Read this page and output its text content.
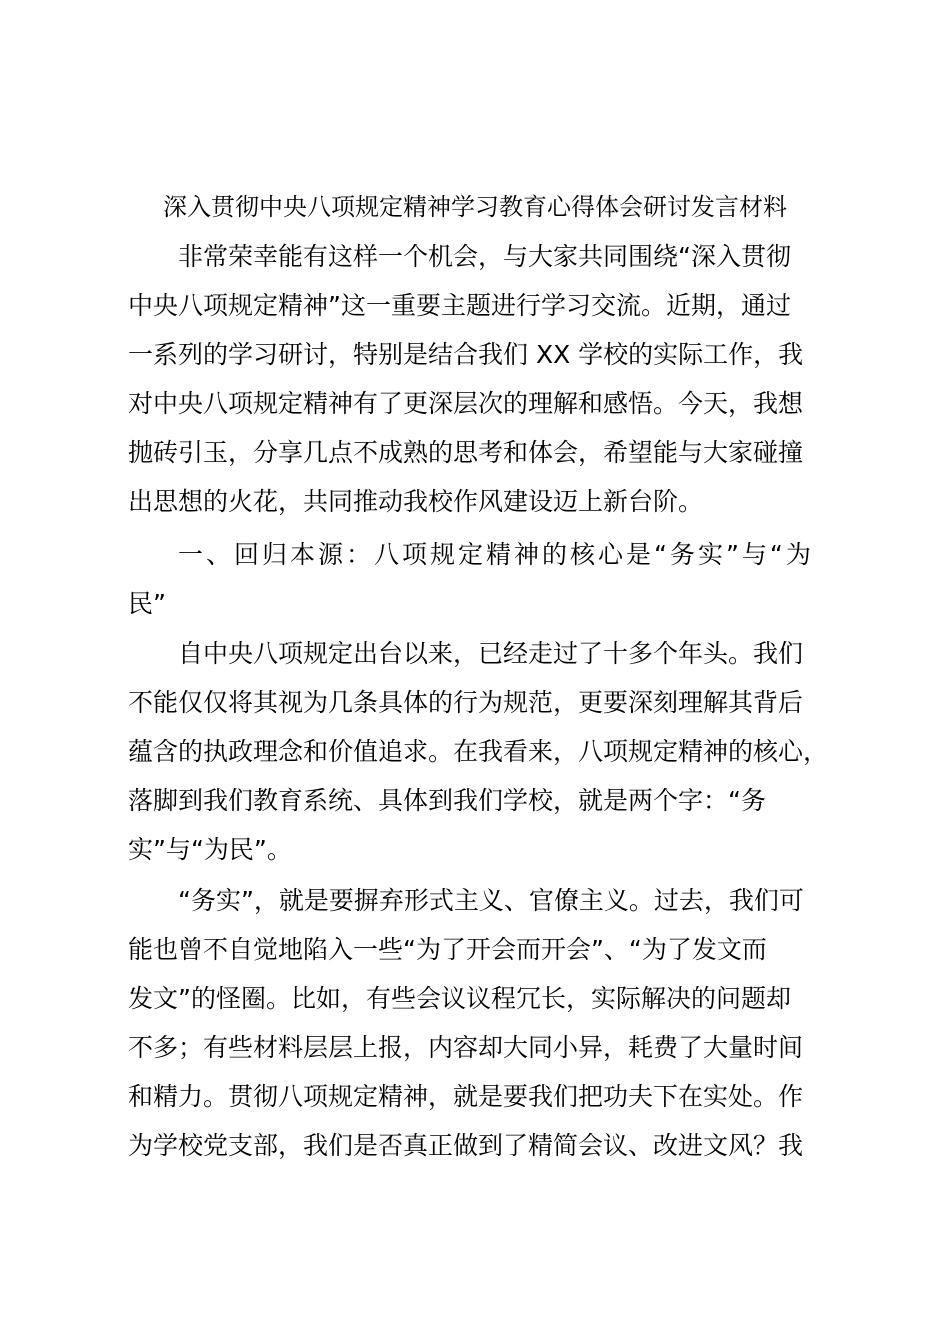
深入贯彻中央八项规定精神学习教育心得体会研讨发言材料
非常荣幸能有这样一个机会，与大家共同围绕“深入贯彻
中央八项规定精神”这一重要主题进行学习交流。近期，通过
一系列的学习研讨，特别是结合我们 XX 学校的实际工作，我
对中央八项规定精神有了更深层次的理解和感悟。今天，我想
抛砖引玉，分享几点不成熟的思考和体会，希望能与大家碰撞
出思想的火花，共同推动我校作风建设迈上新台阶。
一、回归本源：八项规定精神的核心是“务实”与“为
民”
自中央八项规定出台以来，已经走过了十多个年头。我们
不能仅仅将其视为几条具体的行为规范，更要深刻理解其背后
蕴含的执政理念和价值追求。在我看来，八项规定精神的核心，
落脚到我们教育系统、具体到我们学校，就是两个字：“务
实”与“为民”。
“务实”，就是要摒弃形式主义、官僚主义。过去，我们可
能也曾不自觉地陷入一些“为了开会而开会”、“为了发文而
发文”的怪圈。比如，有些会议议程冗长，实际解决的问题却
不多；有些材料层层上报，内容却大同小异，耗费了大量时间
和精力。贯彻八项规定精神，就是要我们把功夫下在实处。作
为学校党支部，我们是否真正做到了精简会议、改进文风？我
